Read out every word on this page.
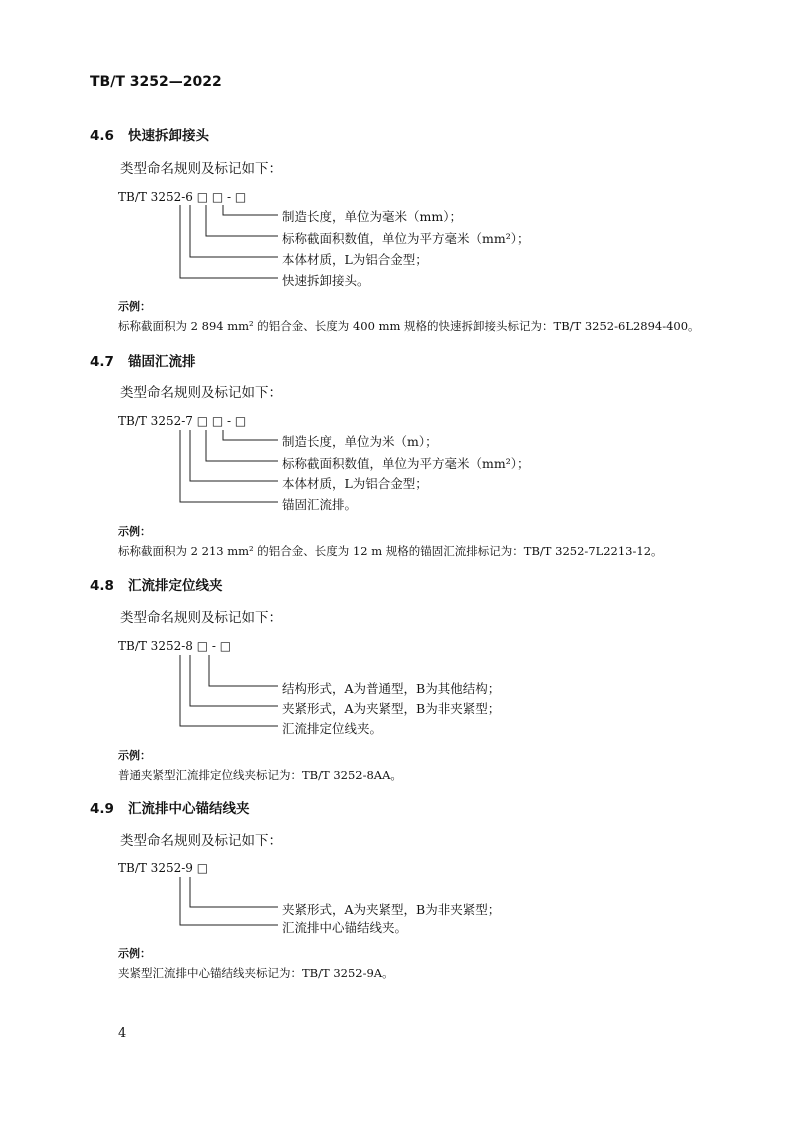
TB/T 3252—2022
4.6 快速拆卸接头
类型命名规则及标记如下：
TB/T 3252-6 □ □ - □
制造长度，单位为毫米（mm）；
标称截面积数值，单位为平方毫米（mm²）；
本体材质，L为铝合金型；
快速拆卸接头。
示例：
标称截面积为 2 894 mm² 的铝合金、长度为 400 mm 规格的快速拆卸接头标记为：TB/T 3252-6L2894-400。
4.7 锚固汇流排
类型命名规则及标记如下：
TB/T 3252-7 □ □ - □
制造长度，单位为米（m）；
标称截面积数值，单位为平方毫米（mm²）；
本体材质，L为铝合金型；
锚固汇流排。
示例：
标称截面积为 2 213 mm² 的铝合金、长度为 12 m 规格的锚固汇流排标记为：TB/T 3252-7L2213-12。
4.8 汇流排定位线夹
类型命名规则及标记如下：
TB/T 3252-8 □ - □
结构形式，A为普通型，B为其他结构；
夹紧形式，A为夹紧型，B为非夹紧型；
汇流排定位线夹。
示例：
普通夹紧型汇流排定位线夹标记为：TB/T 3252-8AA。
4.9 汇流排中心锚结线夹
类型命名规则及标记如下：
TB/T 3252-9 □
夹紧形式，A为夹紧型，B为非夹紧型；
汇流排中心锚结线夹。
示例：
夹紧型汇流排中心锚结线夹标记为：TB/T 3252-9A。
4
